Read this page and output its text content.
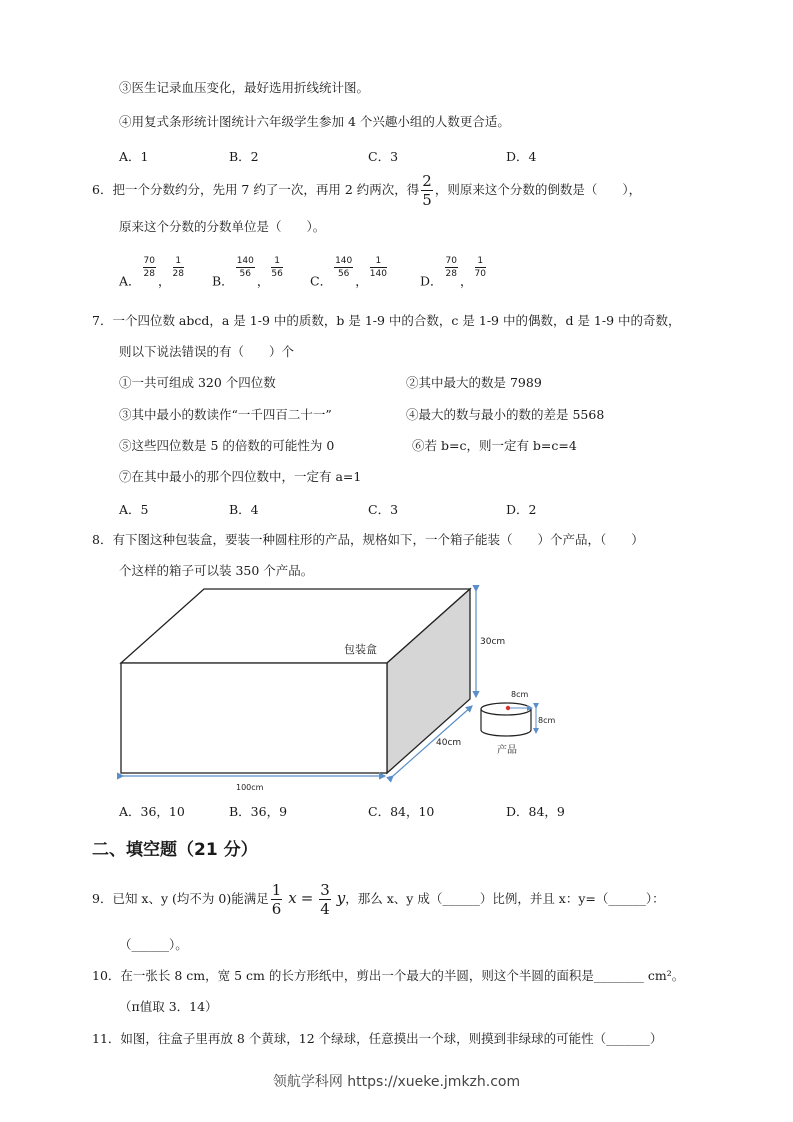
③医生记录血压变化，最好选用折线统计图。
④用复式条形统计图统计六年级学生参加 4 个兴趣小组的人数更合适。
A．1	B．2	C．3	D．4
6．把一个分数约分，先用 7 约了一次，再用 2 约两次，得 $\frac{2}{5}$ ，则原来这个分数的倒数是（　　），
原来这个分数的分数单位是（　　）。
A．
$\frac{70}{28}$
，
$\frac{1}{28}$
B．
$\frac{140}{56}$
，
$\frac{1}{56}$
C．
$\frac{140}{56}$
，
$\frac{1}{140}$
D．
$\frac{70}{28}$
，
$\frac{1}{70}$
7．一个四位数 abcd，a 是 1-9 中的质数，b 是 1-9 中的合数，c 是 1-9 中的偶数，d 是 1-9 中的奇数，
则以下说法错误的有（　　）个
①一共可组成 320 个四位数	②其中最大的数是 7989
③其中最小的数读作“一千四百二十一”	④最大的数与最小的数的差是 5568
⑤这些四位数是 5 的倍数的可能性为 0	⑥若 b=c，则一定有 b=c=4
⑦在其中最小的那个四位数中，一定有 a=1
A．5	B．4	C．3	D．2
8．有下图这种包装盒，要装一种圆柱形的产品，规格如下，一个箱子能装（　　）个产品，（　　）
个这样的箱子可以装 350 个产品。
包装盒
30cm
40cm
100cm
8cm
8cm
产品
A．36，10	B．36，9	C．84，10	D．84，9
二、填空题（21 分）
9．已知 x、y (均不为 0)能满足 $\frac{1}{6}$ $x = \frac{3}{4}$ y，那么 x、y 成（______）比例，并且 x：y=（______）：
（______）。
10．在一张长 8 cm，宽 5 cm 的长方形纸中，剪出一个最大的半圆，则这个半圆的面积是________ cm²。
（π值取 3．14）
11．如图，往盒子里再放 8 个黄球，12 个绿球，任意摸出一个球，则摸到非绿球的可能性（_______）
领航学科网 https://xueke.jmkzh.com
